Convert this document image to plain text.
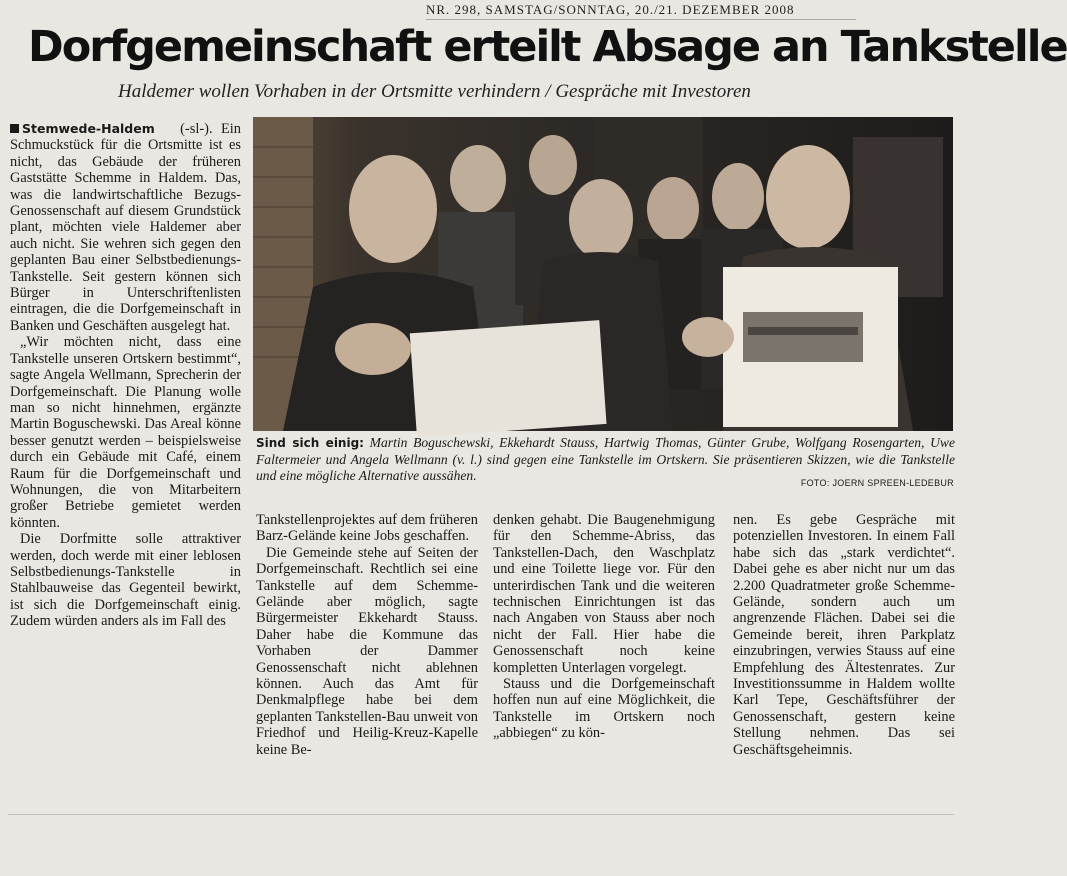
NR. 298, SAMSTAG/SONNTAG, 20./21. DEZEMBER 2008
Dorfgemeinschaft erteilt Absage an Tankstelle
Haldemer wollen Vorhaben in der Ortsmitte verhindern / Gespräche mit Investoren

Stemwede-Haldem (-sl-). Ein Schmuckstück für die Ortsmitte ist es nicht, das Gebäude der früheren Gaststätte Schemme in Haldem. Das, was die landwirtschaftliche Bezugs-Genossenschaft auf diesem Grundstück plant, möchten viele Haldemer aber auch nicht. Sie wehren sich gegen den geplanten Bau einer Selbstbedienungs-Tankstelle. Seit gestern können sich Bürger in Unterschriftenlisten eintragen, die die Dorfgemeinschaft in Banken und Geschäften ausgelegt hat.

„Wir möchten nicht, dass eine Tankstelle unseren Ortskern bestimmt“, sagte Angela Wellmann, Sprecherin der Dorfgemeinschaft. Die Planung wolle man so nicht hinnehmen, ergänzte Martin Boguschewski. Das Areal könne besser genutzt werden – beispielsweise durch ein Gebäude mit Café, einem Raum für die Dorfgemeinschaft und Wohnungen, die von Mitarbeitern großer Betriebe gemietet werden könnten.

Die Dorfmitte solle attraktiver werden, doch werde mit einer leblosen Selbstbedienungs-Tankstelle in Stahlbauweise das Gegenteil bewirkt, ist sich die Dorfgemeinschaft einig. Zudem würden anders als im Fall des

Sind sich einig: Martin Boguschewski, Ekkehardt Stauss, Hartwig Thomas, Günter Grube, Wolfgang Rosengarten, Uwe Faltermeier und Angela Wellmann (v. l.) sind gegen eine Tankstelle im Ortskern. Sie präsentieren Skizzen, wie die Tankstelle und eine mögliche Alternative aussähen.	FOTO: JOERN SPREEN-LEDEBUR

Tankstellenprojektes auf dem früheren Barz-Gelände keine Jobs geschaffen.

Die Gemeinde stehe auf Seiten der Dorfgemeinschaft. Rechtlich sei eine Tankstelle auf dem Schemme-Gelände aber möglich, sagte Bürgermeister Ekkehardt Stauss. Daher habe die Kommune das Vorhaben der Dammer Genossenschaft nicht ablehnen können. Auch das Amt für Denkmalpflege habe bei dem geplanten Tankstellen-Bau unweit von Friedhof und Heilig-Kreuz-Kapelle keine Be-

denken gehabt. Die Baugenehmigung für den Schemme-Abriss, das Tankstellen-Dach, den Waschplatz und eine Toilette liege vor. Für den unterirdischen Tank und die weiteren technischen Einrichtungen ist das nach Angaben von Stauss aber noch nicht der Fall. Hier habe die Genossenschaft noch keine kompletten Unterlagen vorgelegt.

Stauss und die Dorfgemeinschaft hoffen nun auf eine Möglichkeit, die Tankstelle im Ortskern noch „abbiegen“ zu kön-

nen. Es gebe Gespräche mit potenziellen Investoren. In einem Fall habe sich das „stark verdichtet“. Dabei gehe es aber nicht nur um das 2.200 Quadratmeter große Schemme-Gelände, sondern auch um angrenzende Flächen. Dabei sei die Gemeinde bereit, ihren Parkplatz einzubringen, verwies Stauss auf eine Empfehlung des Ältestenrates. Zur Investitionssumme in Haldem wollte Karl Tepe, Geschäftsführer der Genossenschaft, gestern keine Stellung nehmen. Das sei Geschäftsgeheimnis.
